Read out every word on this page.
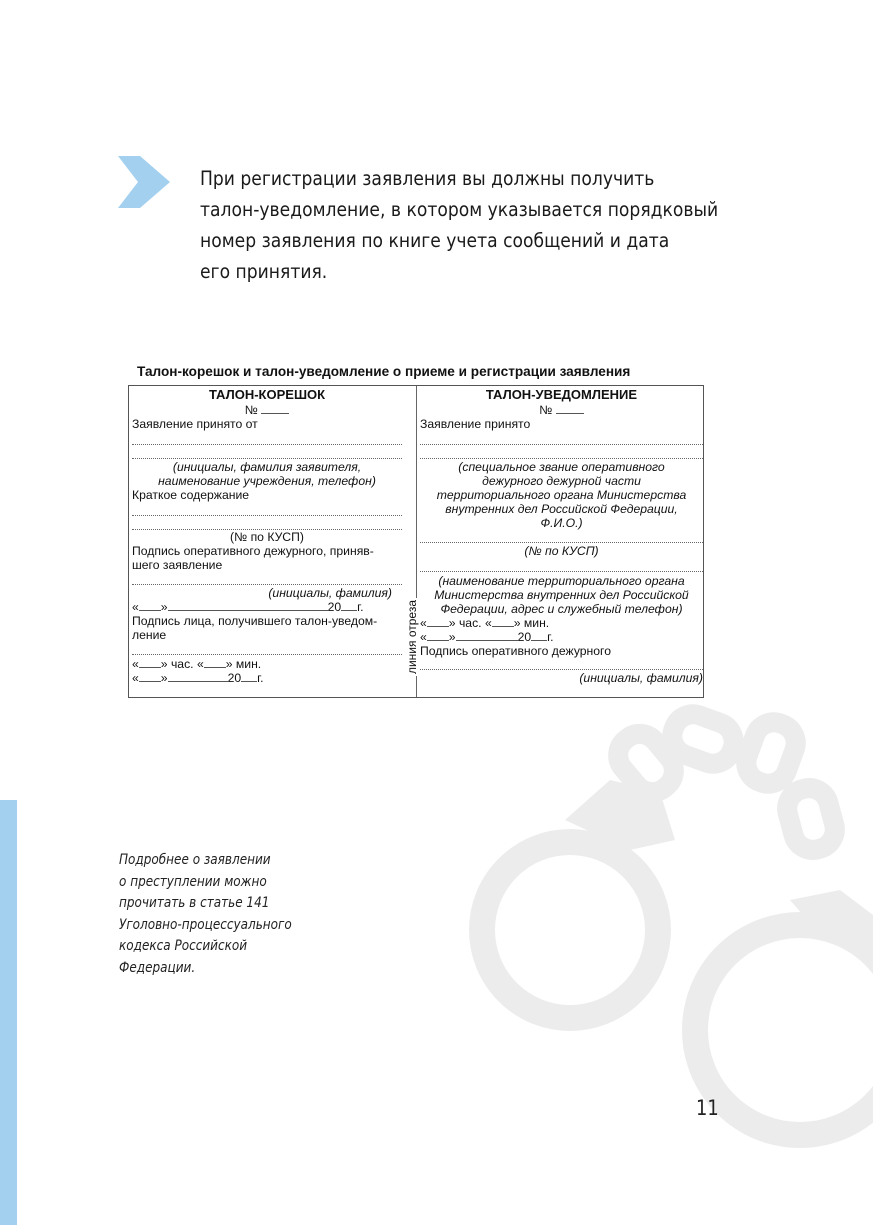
При регистрации заявления вы должны получить
талон-уведомление, в котором указывается порядковый
номер заявления по книге учета сообщений и дата
его принятия.
Талон-корешок и талон-уведомление о приеме и регистрации заявления
линия отреза
ТАЛОН-КОРЕШОК
№
Заявление принято от
(инициалы, фамилия заявителя,
наименование учреждения, телефон)
Краткое содержание
(№ по КУСП)
Подпись оперативного дежурного, приняв-
шего заявление
(инициалы, фамилия)
« »	20 г.
Подпись лица, получившего талон-уведом-
ление
« » час. « » мин.
« »	20 г.
ТАЛОН-УВЕДОМЛЕНИЕ
№
Заявление принято
(специальное звание оперативного
дежурного дежурной части
территориального органа Министерства
внутренних дел Российской Федерации,
Ф.И.О.)
(№ по КУСП)
(наименование территориального органа
Министерства внутренних дел Российской
Федерации, адрес и служебный телефон)
« » час. « » мин.
« »	20 г.
Подпись оперативного дежурного
(инициалы, фамилия)
Подробнее о заявлении
о преступлении можно
прочитать в статье 141
Уголовно-процессуального
кодекса Российской
Федерации.
11
